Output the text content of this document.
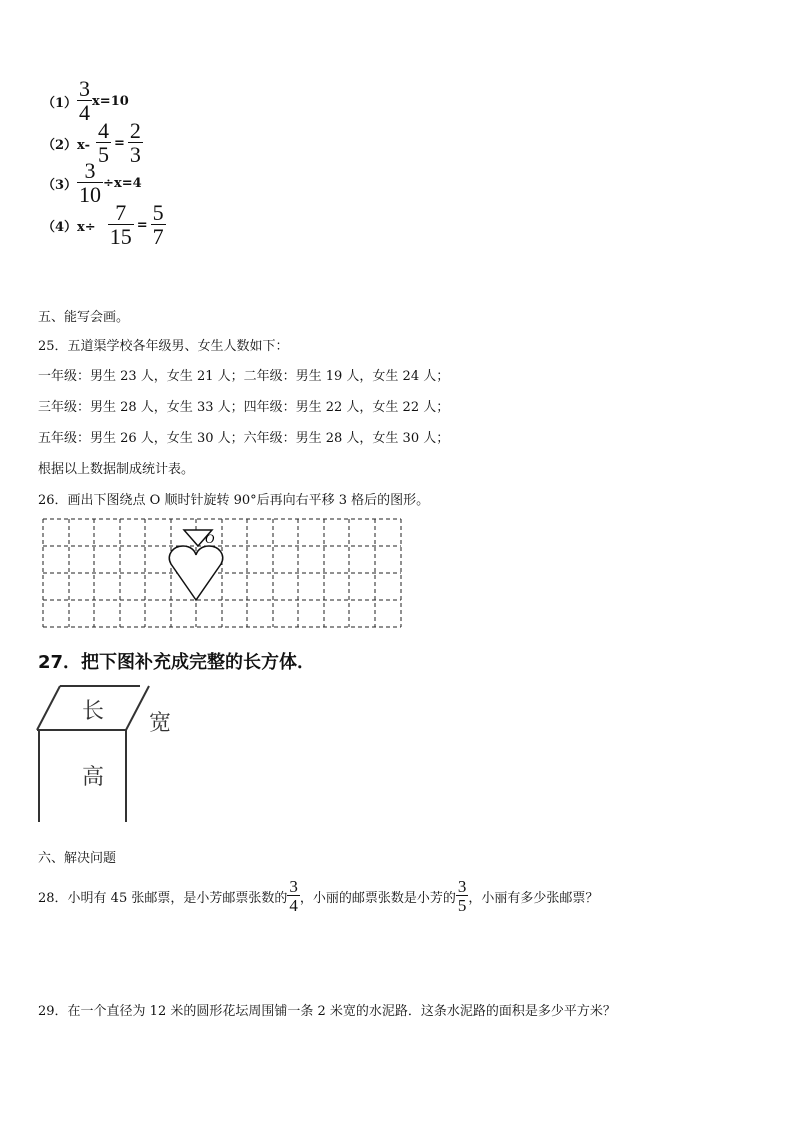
$(1) \frac{3}{4} x=10$
$(2)x- \frac{4}{5} = \frac{2}{3}$
$(3) \frac{3}{10} \div x=4$
$(4)x\div \frac{7}{15} = \frac{5}{7}$
五、能写会画。
25．五道渠学校各年级男、女生人数如下：
一年级：男生 23 人，女生 21 人；二年级：男生 19 人，女生 24 人；
三年级：男生 28 人，女生 33 人；四年级：男生 22 人，女生 22 人；
五年级：男生 26 人，女生 30 人；六年级：男生 28 人，女生 30 人；
根据以上数据制成统计表。
26．画出下图绕点 O 顺时针旋转 90°后再向右平移 3 格后的图形。
O
27．把下图补充成完整的长方体．
长 宽
高
六、解决问题
28．小明有 45 张邮票，是小芳邮票张数的 $\frac{3}{4}$ ，小丽的邮票张数是小芳的 $\frac{3}{5}$ ，小丽有多少张邮票？
29．在一个直径为 12 米的圆形花坛周围铺一条 2 米宽的水泥路．这条水泥路的面积是多少平方米？
